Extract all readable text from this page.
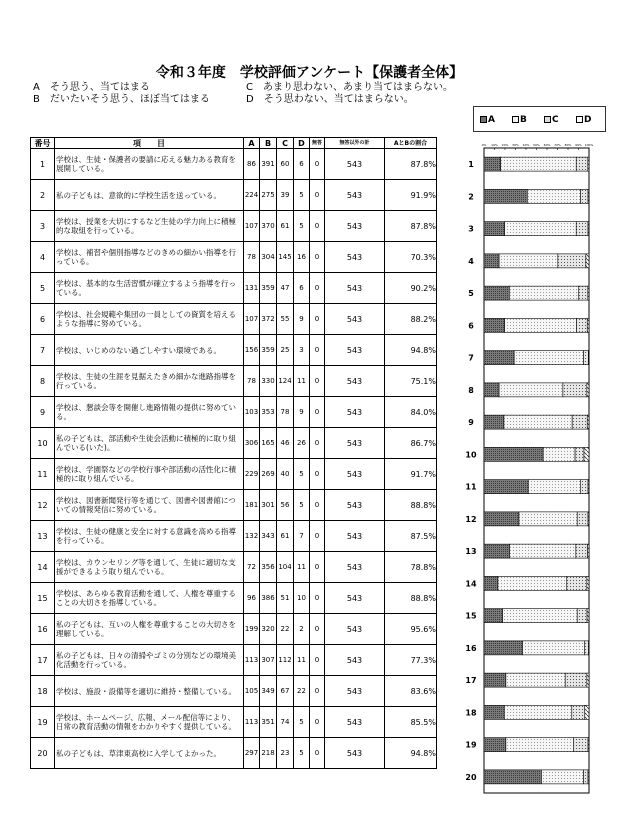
令和３年度　学校評価アンケート【保護者全体】
A　そう思う、当てはまる
B　だいたいそう思う、ほぼ当てはまる
C　あまり思わない、あまり当てはまらない。
D　そう思わない、当てはまらない。
A	B	C	D
番号	項　　目	A	B	C	D	無答	無答以外の計	AとBの割合
1	学校は、生徒・保護者の要請に応える魅力ある教育を展開している。	86	391	60	6	0	543	87.8%
2	私の子どもは、意欲的に学校生活を送っている。	224	275	39	5	0	543	91.9%
3	学校は、授業を大切にするなど生徒の学力向上に積極的な取組を行っている。	107	370	61	5	0	543	87.8%
4	学校は、補習や個別指導などのきめの細かい指導を行っている。	78	304	145	16	0	543	70.3%
5	学校は、基本的な生活習慣が確立するよう指導を行っている。	131	359	47	6	0	543	90.2%
6	学校は、社会規範や集団の一員としての資質を培えるような指導に努めている。	107	372	55	9	0	543	88.2%
7	学校は、いじめのない過ごしやすい環境である。	156	359	25	3	0	543	94.8%
8	学校は、生徒の生涯を見据えたきめ細かな進路指導を行っている。	78	330	124	11	0	543	75.1%
9	学校は、懇談会等を開催し進路情報の提供に努めている。	103	353	78	9	0	543	84.0%
10	私の子どもは、部活動や生徒会活動に積極的に取り組んでいる(いた)。	306	165	46	26	0	543	86.7%
11	学校は、学園祭などの学校行事や部活動の活性化に積極的に取り組んでいる。	229	269	40	5	0	543	91.7%
12	学校は、図書新聞発行等を通じて、図書や図書館についての情報発信に努めている。	181	301	56	5	0	543	88.8%
13	学校は、生徒の健康と安全に対する意識を高める指導を行っている。	132	343	61	7	0	543	87.5%
14	学校は、カウンセリング等を通して、生徒に適切な支援ができるよう取り組んでいる。	72	356	104	11	0	543	78.8%
15	学校は、あらゆる教育活動を通して、人権を尊重することの大切さを指導している。	96	386	51	10	0	543	88.8%
16	私の子どもは、互いの人権を尊重することの大切さを理解している。	199	320	22	2	0	543	95.6%
17	私の子どもは、日々の清掃やゴミの分別などの環境美化活動を行っている。	113	307	112	11	0	543	77.3%
18	学校は、施設・設備等を適切に維持・整備している。	105	349	67	22	0	543	83.6%
19	学校は、ホームページ、広報、メール配信等により、日常の教育活動の情報をわかりやすく提供している。	113	351	74	5	0	543	85.5%
20	私の子どもは、草津東高校に入学してよかった。	297	218	23	5	0	543	94.8%
0% 10% 20% 30% 40% 50% 60% 70% 80% 90% 100%
1
2
3
4
5
6
7
8
9
10
11
12
13
14
15
16
17
18
19
20
